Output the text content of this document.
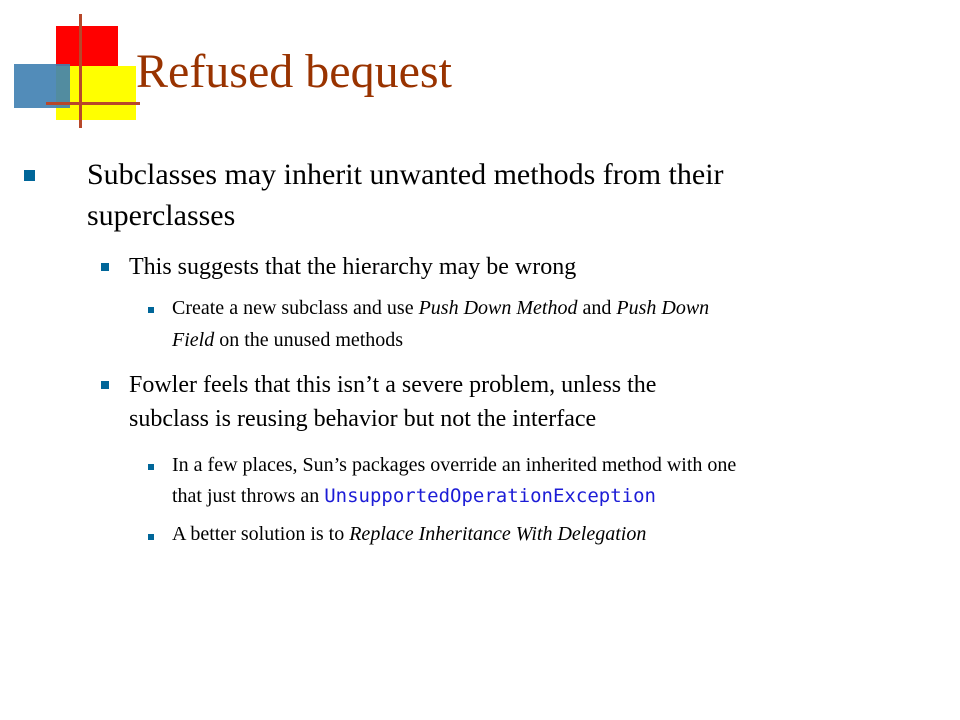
Refused bequest
Subclasses may inherit unwanted methods from their
superclasses
This suggests that the hierarchy may be wrong
Create a new subclass and use Push Down Method and Push Down
Field on the unused methods
Fowler feels that this isn’t a severe problem, unless the
subclass is reusing behavior but not the interface
In a few places, Sun’s packages override an inherited method with one
that just throws an UnsupportedOperationException
A better solution is to Replace Inheritance With Delegation
